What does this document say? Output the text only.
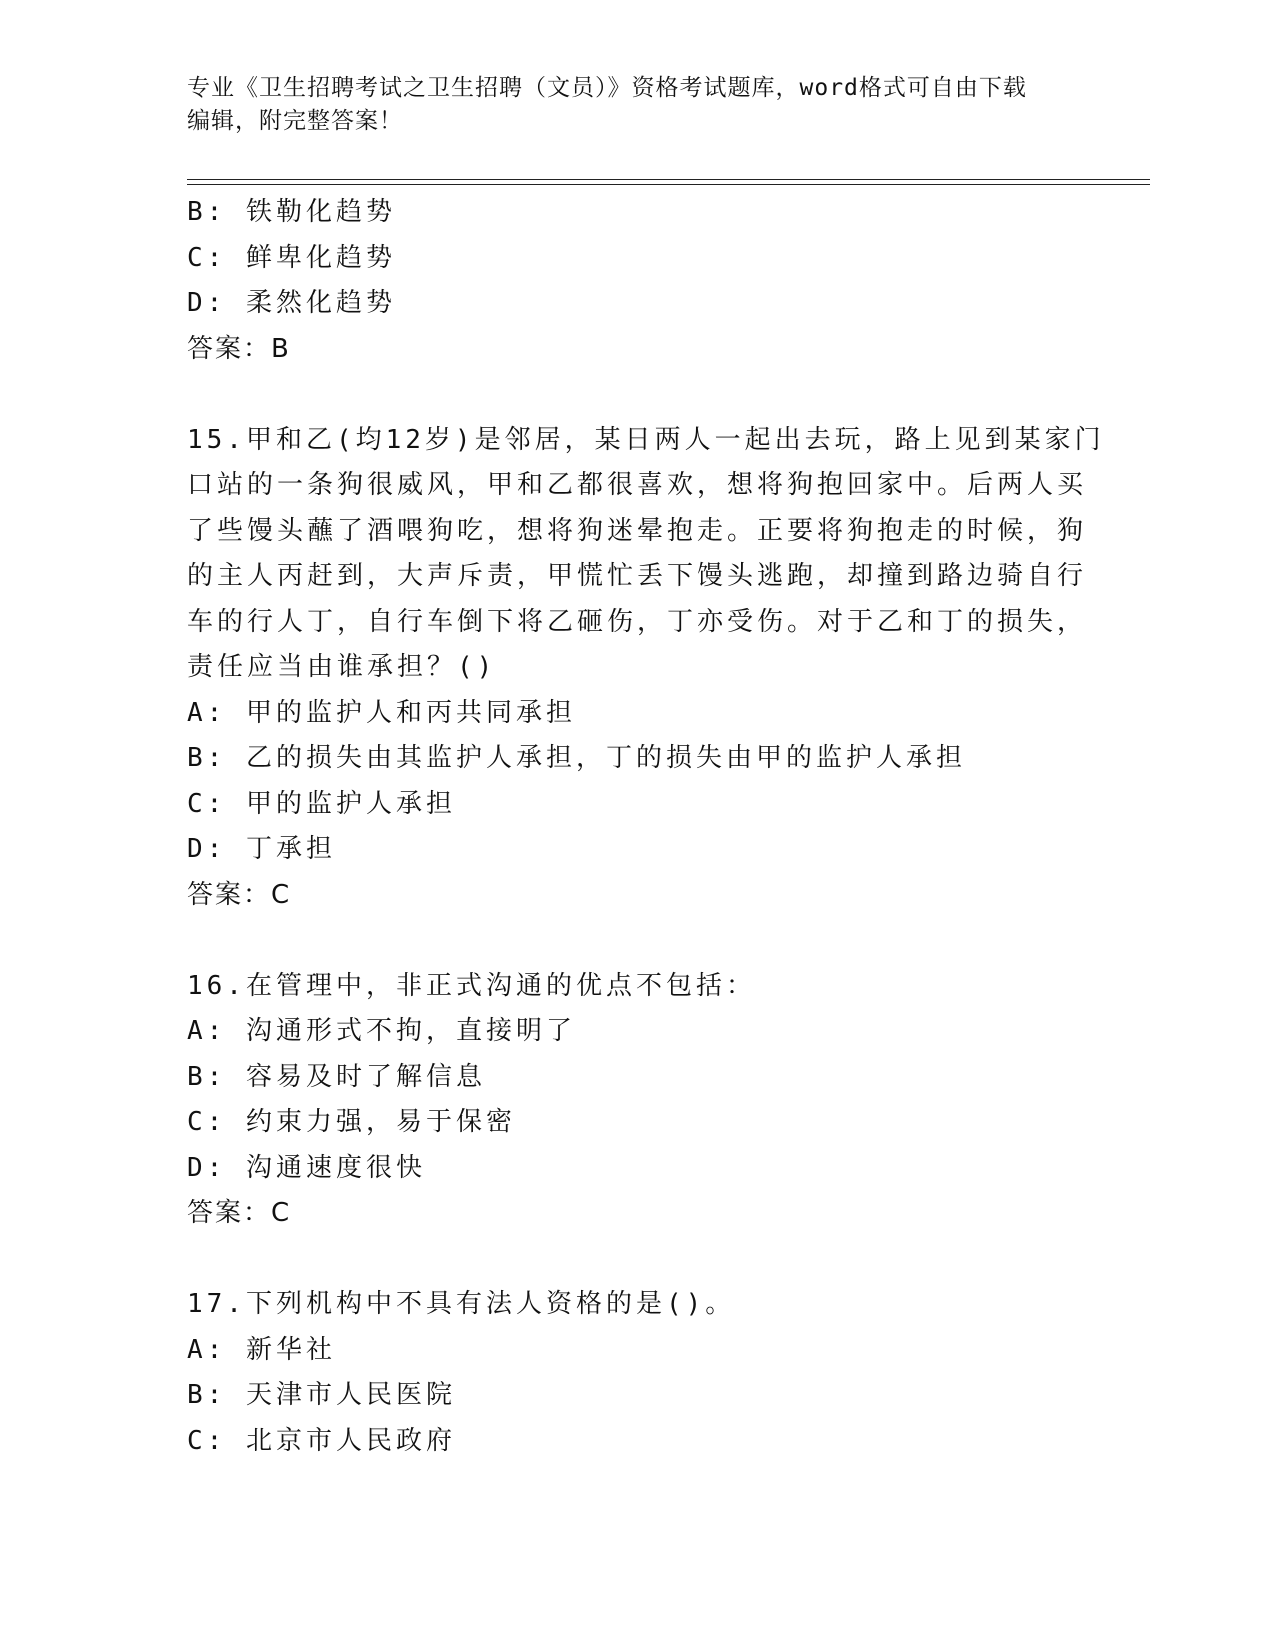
专业《卫生招聘考试之卫生招聘（文员）》资格考试题库，word格式可自由下载
编辑，附完整答案！
B: 铁勒化趋势
C: 鲜卑化趋势
D: 柔然化趋势
答案：B
15.甲和乙(均12岁)是邻居，某日两人一起出去玩，路上见到某家门
口站的一条狗很威风，甲和乙都很喜欢，想将狗抱回家中。后两人买
了些馒头蘸了酒喂狗吃，想将狗迷晕抱走。正要将狗抱走的时候，狗
的主人丙赶到，大声斥责，甲慌忙丢下馒头逃跑，却撞到路边骑自行
车的行人丁，自行车倒下将乙砸伤，丁亦受伤。对于乙和丁的损失，
责任应当由谁承担？()
A: 甲的监护人和丙共同承担
B: 乙的损失由其监护人承担，丁的损失由甲的监护人承担
C: 甲的监护人承担
D: 丁承担
答案：C
16.在管理中，非正式沟通的优点不包括：
A: 沟通形式不拘，直接明了
B: 容易及时了解信息
C: 约束力强，易于保密
D: 沟通速度很快
答案：C
17.下列机构中不具有法人资格的是()。
A: 新华社
B: 天津市人民医院
C: 北京市人民政府
